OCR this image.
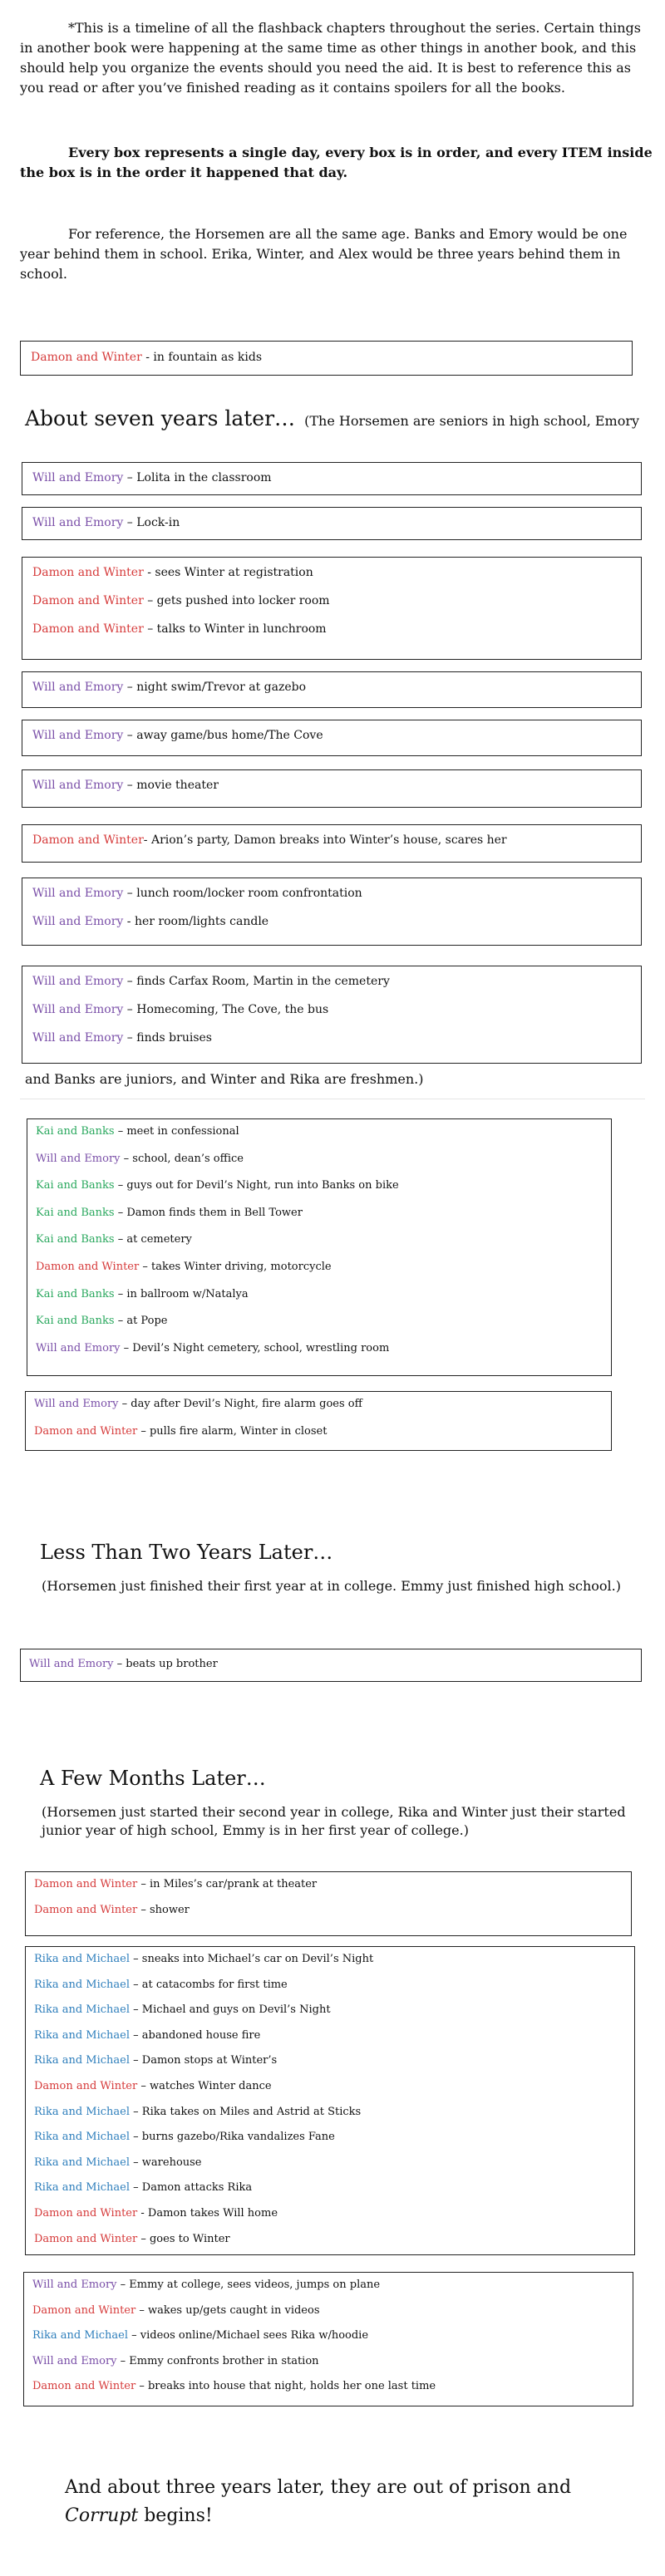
*This is a timeline of all the flashback chapters throughout the series. Certain things in another book were happening at the same time as other things in another book, and this should help you organize the events should you need the aid. It is best to reference this as you read or after you’ve finished reading as it contains spoilers for all the books.
Every box represents a single day, every box is in order, and every ITEM inside the box is in the order it happened that day.
For reference, the Horsemen are all the same age. Banks and Emory would be one year behind them in school. Erika, Winter, and Alex would be three years behind them in school.
Damon and Winter - in fountain as kids
About seven years later… (The Horsemen are seniors in high school, Emory
Will and Emory – Lolita in the classroom
Will and Emory – Lock-in
Damon and Winter - sees Winter at registration
Damon and Winter – gets pushed into locker room
Damon and Winter – talks to Winter in lunchroom
Will and Emory – night swim/Trevor at gazebo
Will and Emory – away game/bus home/The Cove
Will and Emory – movie theater
Damon and Winter- Arion’s party, Damon breaks into Winter’s house, scares her
Will and Emory – lunch room/locker room confrontation
Will and Emory - her room/lights candle
Will and Emory – finds Carfax Room, Martin in the cemetery
Will and Emory – Homecoming, The Cove, the bus
Will and Emory – finds bruises
and Banks are juniors, and Winter and Rika are freshmen.)
Kai and Banks – meet in confessional
Will and Emory – school, dean’s office
Kai and Banks – guys out for Devil’s Night, run into Banks on bike
Kai and Banks – Damon finds them in Bell Tower
Kai and Banks – at cemetery
Damon and Winter – takes Winter driving, motorcycle
Kai and Banks – in ballroom w/Natalya
Kai and Banks – at Pope
Will and Emory – Devil’s Night cemetery, school, wrestling room
Will and Emory – day after Devil’s Night, fire alarm goes off
Damon and Winter – pulls fire alarm, Winter in closet
Less Than Two Years Later…
(Horsemen just finished their first year at in college. Emmy just finished high school.)
Will and Emory – beats up brother
A Few Months Later…
(Horsemen just started their second year in college, Rika and Winter just their started
junior year of high school, Emmy is in her first year of college.)
Damon and Winter – in Miles’s car/prank at theater
Damon and Winter – shower
Rika and Michael – sneaks into Michael’s car on Devil’s Night
Rika and Michael – at catacombs for first time
Rika and Michael – Michael and guys on Devil’s Night
Rika and Michael – abandoned house fire
Rika and Michael – Damon stops at Winter’s
Damon and Winter – watches Winter dance
Rika and Michael – Rika takes on Miles and Astrid at Sticks
Rika and Michael – burns gazebo/Rika vandalizes Fane
Rika and Michael – warehouse
Rika and Michael – Damon attacks Rika
Damon and Winter - Damon takes Will home
Damon and Winter – goes to Winter
Will and Emory – Emmy at college, sees videos, jumps on plane
Damon and Winter – wakes up/gets caught in videos
Rika and Michael – videos online/Michael sees Rika w/hoodie
Will and Emory – Emmy confronts brother in station
Damon and Winter – breaks into house that night, holds her one last time
And about three years later, they are out of prison and
Corrupt begins!
